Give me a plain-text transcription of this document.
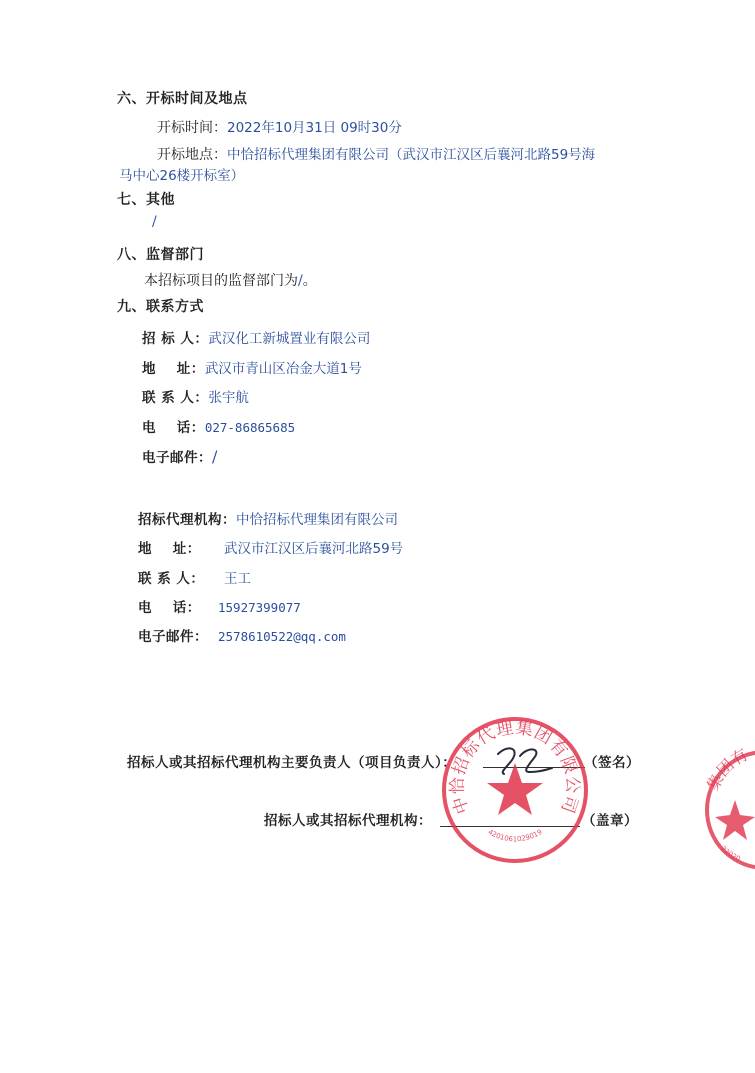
六、开标时间及地点
开标时间：2022年10月31日 09时30分
开标地点：中恰招标代理集团有限公司（武汉市江汉区后襄河北路59号海
马中心26楼开标室）
七、其他
/
八、监督部门
本招标项目的监督部门为/。
九、联系方式
招 标 人：武汉化工新城置业有限公司
地    址：武汉市青山区冶金大道1号
联 系 人：张宇航
电    话：027-86865685
电子邮件：/
招标代理机构：中恰招标代理集团有限公司
地    址： 武汉市江汉区后襄河北路59号
联 系 人： 王工
电    话： 15927399077
电子邮件： 2578610522@qq.com
招标人或其招标代理机构主要负责人（项目负责人）：	（签名）
招标人或其招标代理机构：	（盖章）
中恰招标代理集团有限公司
4201061029019
集团有
22020
